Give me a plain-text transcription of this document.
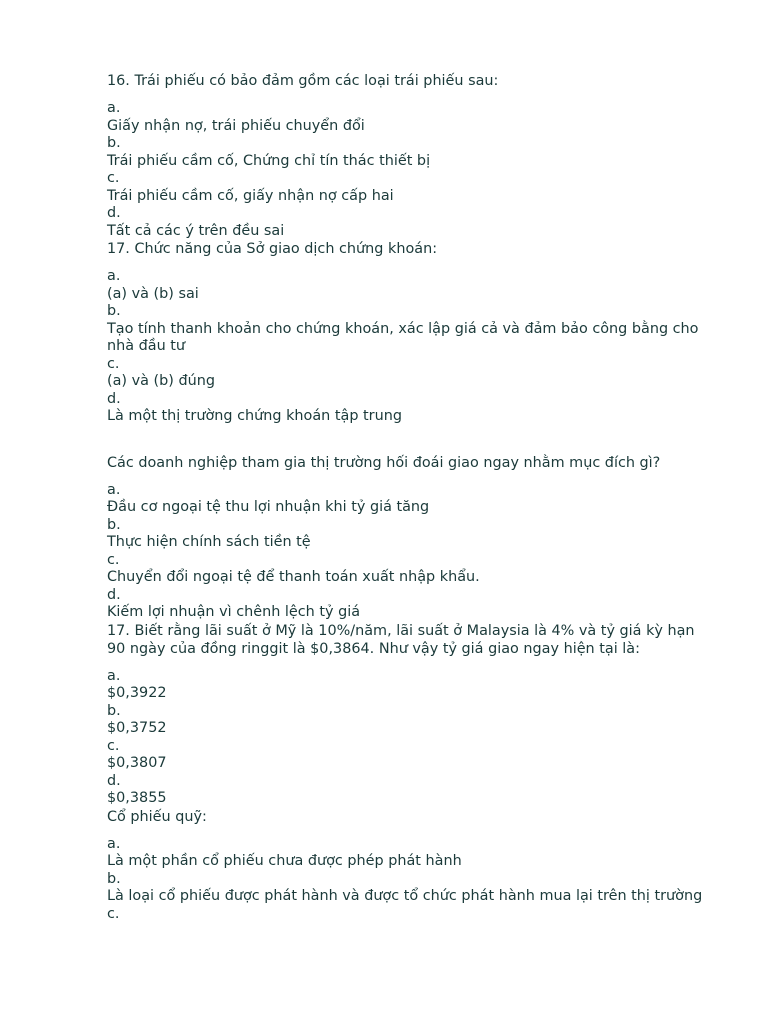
16. Trái phiếu có bảo đảm gồm các loại trái phiếu sau:

a.

Giấy nhận nợ, trái phiếu chuyển đổi

b.

Trái phiếu cầm cố, Chứng chỉ tín thác thiết bị

c.

Trái phiếu cầm cố, giấy nhận nợ cấp hai

d.

Tất cả các ý trên đều sai

17. Chức năng của Sở giao dịch chứng khoán:

a.

(a) và (b) sai

b.

Tạo tính thanh khoản cho chứng khoán, xác lập giá cả và đảm bảo công bằng cho nhà đầu tư

c.

(a) và (b) đúng

d.

Là một thị trường chứng khoán tập trung

Các doanh nghiệp tham gia thị trường hối đoái giao ngay nhằm mục đích gì?

a.

Đầu cơ ngoại tệ thu lợi nhuận khi tỷ giá tăng

b.

Thực hiện chính sách tiền tệ

c.

Chuyển đổi ngoại tệ để thanh toán xuất nhập khẩu.

d.

Kiếm lợi nhuận vì chênh lệch tỷ giá

17. Biết rằng lãi suất ở Mỹ là 10%/năm, lãi suất ở Malaysia là 4% và tỷ giá kỳ hạn 90 ngày của đồng ringgit là $0,3864. Như vậy tỷ giá giao ngay hiện tại là:

a.

$0,3922

b.

$0,3752

c.

$0,3807

d.

$0,3855

Cổ phiếu quỹ:

a.

Là một phần cổ phiếu chưa được phép phát hành

b.

Là loại cổ phiếu được phát hành và được tổ chức phát hành mua lại trên thị trường

c.
